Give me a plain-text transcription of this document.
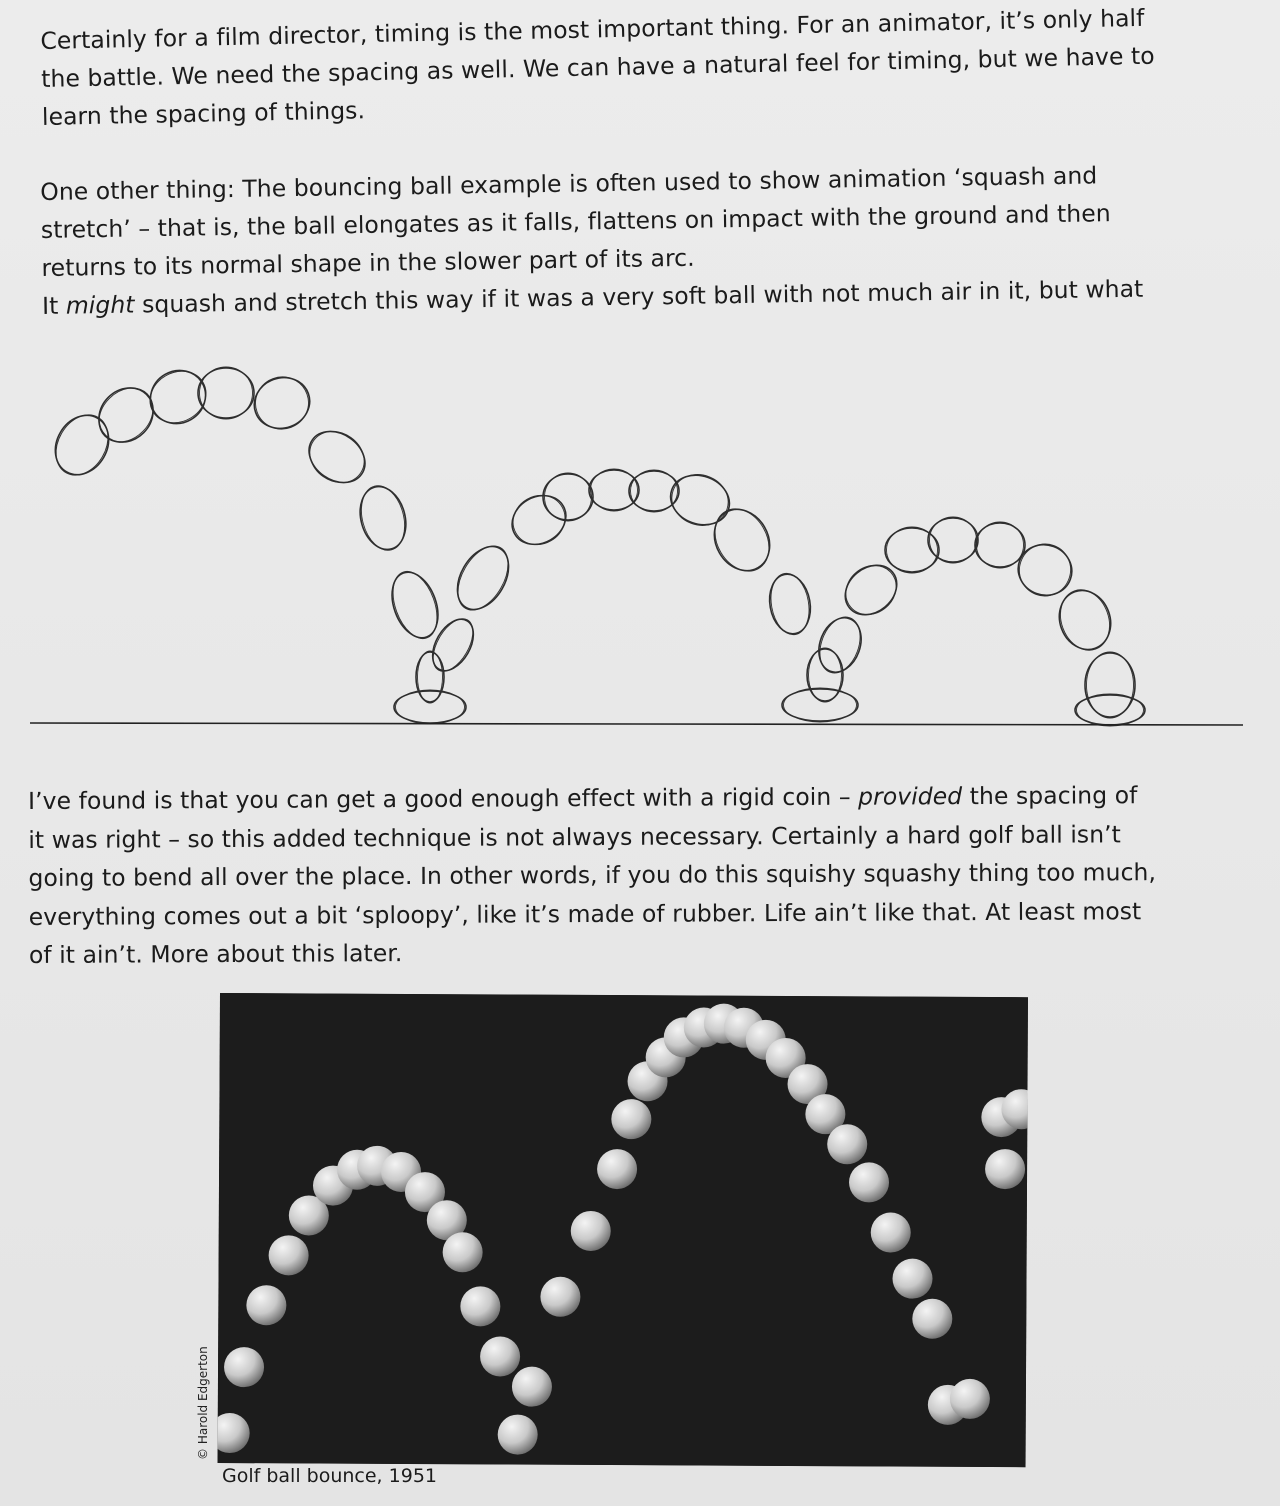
Certainly for a film director, timing is the most important thing. For an animator, it’s only half
the battle. We need the spacing as well. We can have a natural feel for timing, but we have to
learn the spacing of things.
One other thing: The bouncing ball example is often used to show animation ‘squash and
stretch’ – that is, the ball elongates as it falls, flattens on impact with the ground and then
returns to its normal shape in the slower part of its arc.
It might squash and stretch this way if it was a very soft ball with not much air in it, but what
I’ve found is that you can get a good enough effect with a rigid coin – provided the spacing of
it was right – so this added technique is not always necessary. Certainly a hard golf ball isn’t
going to bend all over the place. In other words, if you do this squishy squashy thing too much,
everything comes out a bit ‘sploopy’, like it’s made of rubber. Life ain’t like that. At least most
of it ain’t. More about this later.
© Harold Edgerton
Golf ball bounce, 1951
